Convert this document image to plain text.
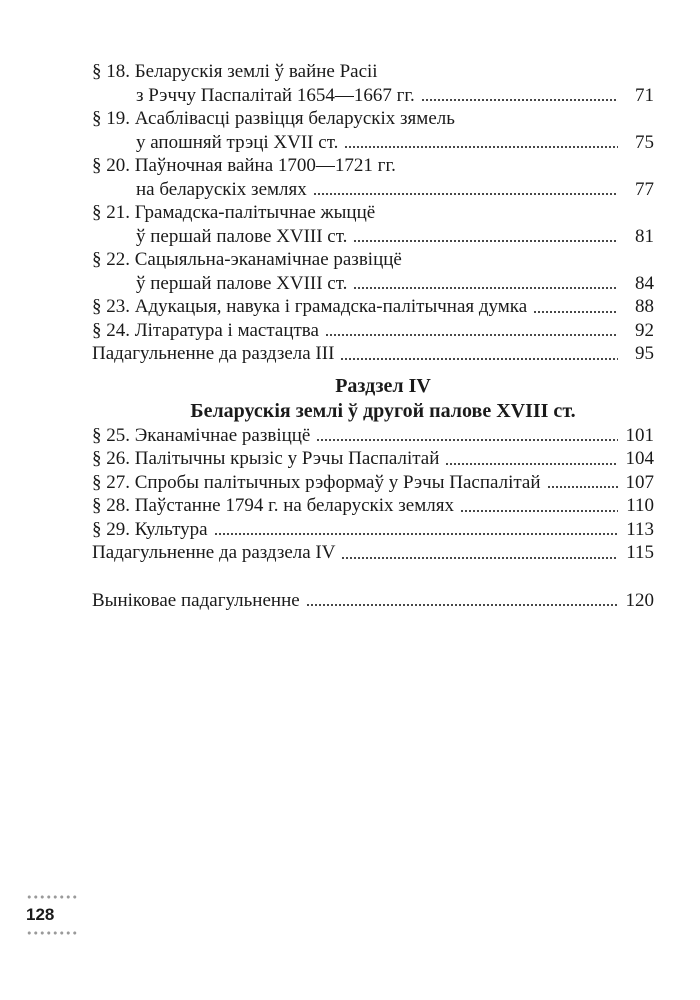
§ 18. Беларускія землі ў вайне Расіі
з Рэччу Паспалітай 1654—1667 гг.	71
§ 19. Асаблівасці развіцця беларускіх зямель
у апошняй трэці XVII ст.	75
§ 20. Паўночная вайна 1700—1721 гг.
на беларускіх землях	77
§ 21. Грамадска-палітычнае жыццё
ў першай палове XVIII ст.	81
§ 22. Сацыяльна-эканамічнае развіццё
ў першай палове XVIII ст.	84
§ 23. Адукацыя, навука і грамадска-палітычная думка	88
§ 24. Літаратура і мастацтва	92
Падагульненне да раздзела III	95
Раздзел IV
Беларускія землі ў другой палове XVIII ст.
§ 25. Эканамічнае развіццё	101
§ 26. Палітычны крызіс у Рэчы Паспалітай	104
§ 27. Спробы палітычных рэформаў у Рэчы Паспалітай	107
§ 28. Паўстанне 1794 г. на беларускіх землях	110
§ 29. Культура	113
Падагульненне да раздзела IV	115
Выніковае падагульненне	120
128
